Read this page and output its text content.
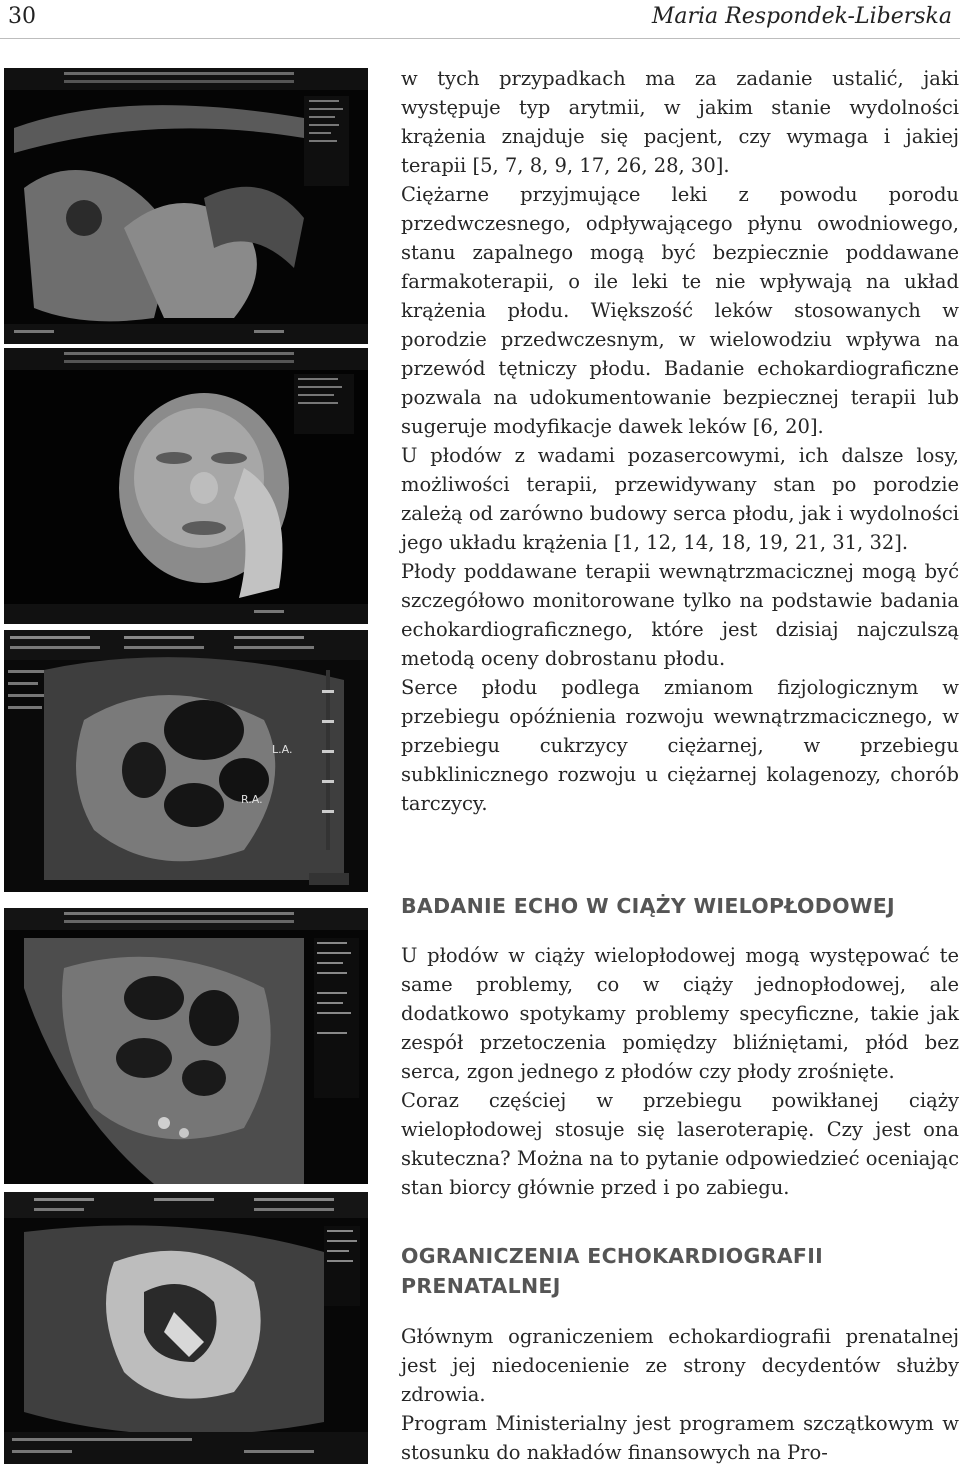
30	Maria Respondek-Liberska
L.A.
R.A.

w tych przypadkach ma za zadanie ustalić, jaki występuje typ arytmii, w jakim stanie wydolności krążenia znajduje się pacjent, czy wymaga i jakiej terapii [5, 7, 8, 9, 17, 26, 28, 30].

Ciężarne przyjmujące leki z powodu porodu przedwczesnego, odpływającego płynu owodniowego, stanu zapalnego mogą być bezpiecznie poddawane farmakoterapii, o ile leki te nie wpływają na układ krążenia płodu. Większość leków stosowanych w porodzie przedwczesnym, w wielowodziu wpływa na przewód tętniczy płodu. Badanie echokardiograficzne pozwala na udokumentowanie bezpiecznej terapii lub sugeruje modyfikacje dawek leków [6, 20].

U płodów z wadami pozasercowymi, ich dalsze losy, możliwości terapii, przewidywany stan po porodzie zależą od zarówno budowy serca płodu, jak i wydolności jego układu krążenia [1, 12, 14, 18, 19, 21, 31, 32].

Płody poddawane terapii wewnątrzmacicznej mogą być szczegółowo monitorowane tylko na podstawie badania echokardiograficznego, które jest dzisiaj najczulszą metodą oceny dobrostanu płodu.

Serce płodu podlega zmianom fizjologicznym w przebiegu opóźnienia rozwoju wewnątrzmacicznego, w przebiegu cukrzycy ciężarnej, w przebiegu subklinicznego rozwoju u ciężarnej kolagenozy, chorób tarczycy.

BADANIE ECHO W CIĄŻY WIELOPŁODOWEJ

U płodów w ciąży wielopłodowej mogą występować te same problemy, co w ciąży jednopłodowej, ale dodatkowo spotykamy problemy specyficzne, takie jak zespół przetoczenia pomiędzy bliźniętami, płód bez serca, zgon jednego z płodów czy płody zrośnięte.

Coraz częściej w przebiegu powikłanej ciąży wielopłodowej stosuje się laseroterapię. Czy jest ona skuteczna? Można na to pytanie odpowiedzieć oceniając stan biorcy głównie przed i po zabiegu.

OGRANICZENIA ECHOKARDIOGRAFII
PRENATALNEJ

Głównym ograniczeniem echokardiografii prenatalnej jest jej niedocenienie ze strony decydentów służby zdrowia.

Program Ministerialny jest programem szczątkowym w stosunku do nakładów finansowych na Pro-
